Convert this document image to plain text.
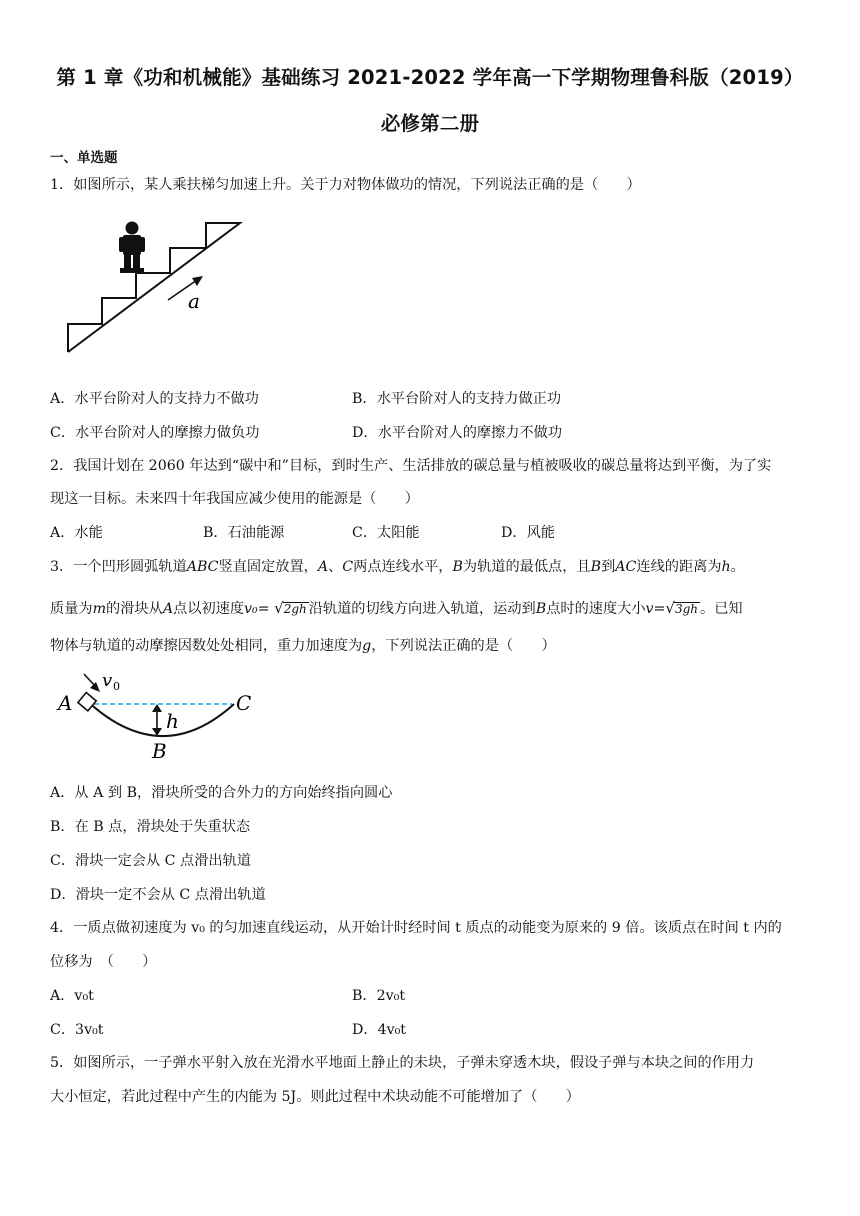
第 1 章《功和机械能》基础练习 2021-2022 学年高一下学期物理鲁科版（2019）
必修第二册
一、单选题
1．如图所示，某人乘扶梯匀加速上升。关于力对物体做功的情况，下列说法正确的是（　　）
a
A．水平台阶对人的支持力不做功	B．水平台阶对人的支持力做正功
C．水平台阶对人的摩擦力做负功	D．水平台阶对人的摩擦力不做功
2．我国计划在 2060 年达到“碳中和”目标，到时生产、生活排放的碳总量与植被吸收的碳总量将达到平衡，为了实
现这一目标。未来四十年我国应减少使用的能源是（　　）
A．水能	B．石油能源	C．太阳能	D．风能
3．一个凹形圆弧轨道ABC竖直固定放置，A、C两点连线水平，B为轨道的最低点，且B到AC连线的距离为h。
质量为m的滑块从A点以初速度v₀= √2gh 沿轨道的切线方向进入轨道，运动到B点时的速度大小v=√3gh 。已知
物体与轨道的动摩擦因数处处相同，重力加速度为g，下列说法正确的是（　　）
v 0
h
A	C
B
A．从 A 到 B，滑块所受的合外力的方向始终指向圆心
B．在 B 点，滑块处于失重状态
C．滑块一定会从 C 点滑出轨道
D．滑块一定不会从 C 点滑出轨道
4．一质点做初速度为 v₀ 的匀加速直线运动，从开始计时经时间 t 质点的动能变为原来的 9 倍。该质点在时间 t 内的
位移为　（　　）
A．v₀t	B．2v₀t
C．3v₀t	D．4v₀t
5．如图所示，一子弹水平射入放在光滑水平地面上静止的未块，子弹未穿透木块，假设子弹与本块之间的作用力
大小恒定，若此过程中产生的内能为 5J。则此过程中术块动能不可能增加了（　　）
